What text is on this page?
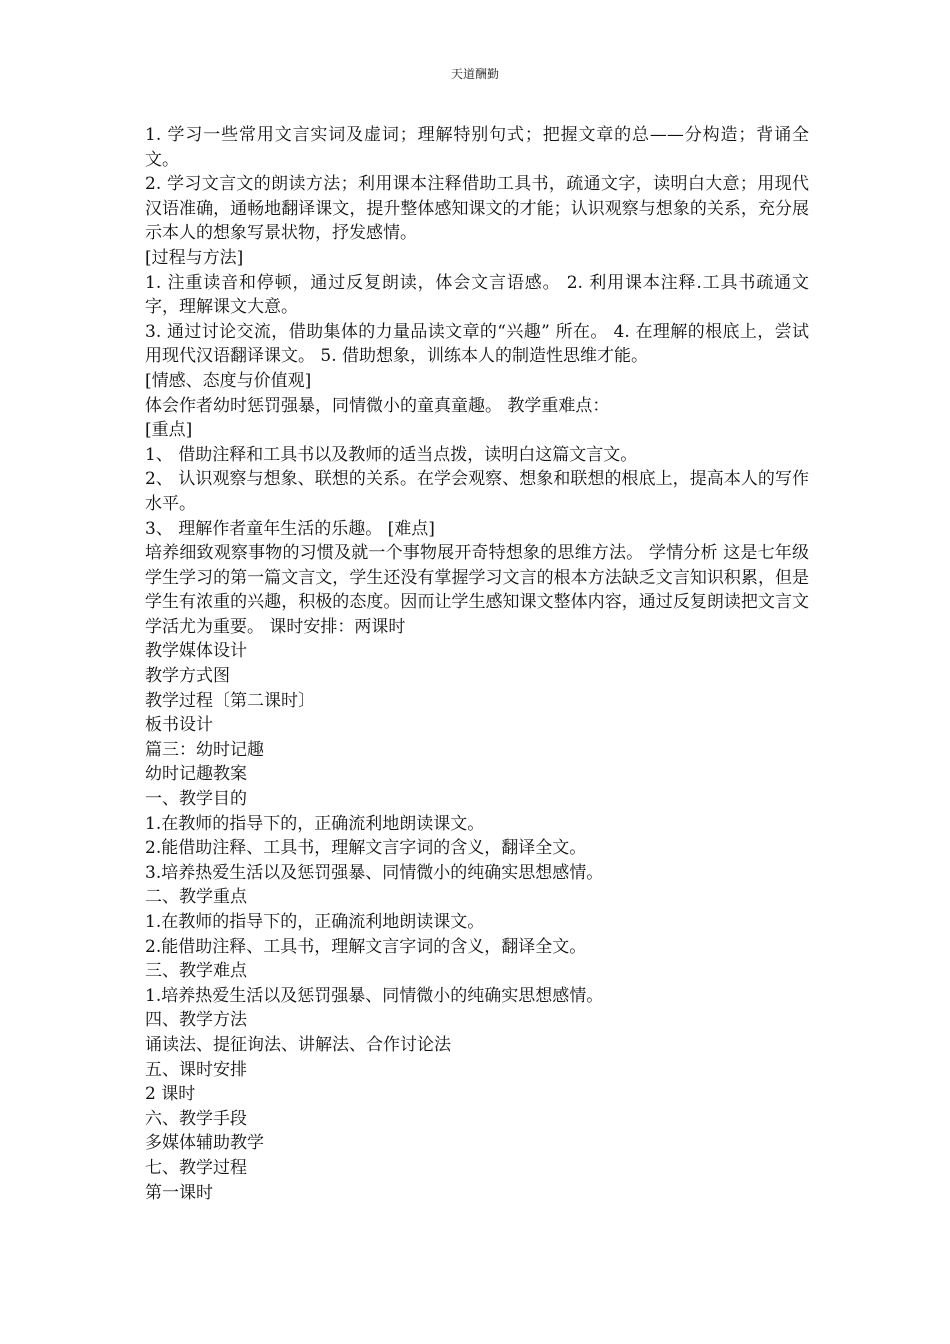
天道酬勤

1. 学习一些常用文言实词及虚词；理解特别句式；把握文章的总——分构造；背诵全文。

2. 学习文言文的朗读方法；利用课本注释借助工具书，疏通文字，读明白大意；用现代汉语准确，通畅地翻译课文，提升整体感知课文的才能；认识观察与想象的关系，充分展示本人的想象写景状物，抒发感情。

[过程与方法]

1. 注重读音和停顿，通过反复朗读，体会文言语感。 2. 利用课本注释.工具书疏通文字，理解课文大意。

3. 通过讨论交流，借助集体的力量品读文章的“兴趣” 所在。 4. 在理解的根底上，尝试用现代汉语翻译课文。 5. 借助想象，训练本人的制造性思维才能。

[情感、态度与价值观]

体会作者幼时惩罚强暴，同情微小的童真童趣。 教学重难点：

[重点]

1、 借助注释和工具书以及教师的适当点拨，读明白这篇文言文。

2、 认识观察与想象、联想的关系。在学会观察、想象和联想的根底上，提高本人的写作水平。

3、 理解作者童年生活的乐趣。 [难点]

培养细致观察事物的习惯及就一个事物展开奇特想象的思维方法。 学情分析 这是七年级学生学习的第一篇文言文，学生还没有掌握学习文言的根本方法缺乏文言知识积累，但是学生有浓重的兴趣，积极的态度。因而让学生感知课文整体内容，通过反复朗读把文言文学活尤为重要。 课时安排：两课时

教学媒体设计

教学方式图

教学过程〔第二课时〕

板书设计

篇三：幼时记趣

幼时记趣教案

一、教学目的

1.在教师的指导下的，正确流利地朗读课文。

2.能借助注释、工具书，理解文言字词的含义，翻译全文。

3.培养热爱生活以及惩罚强暴、同情微小的纯确实思想感情。

二、教学重点

1.在教师的指导下的，正确流利地朗读课文。

2.能借助注释、工具书，理解文言字词的含义，翻译全文。

三、教学难点

1.培养热爱生活以及惩罚强暴、同情微小的纯确实思想感情。

四、教学方法

诵读法、提征询法、讲解法、合作讨论法

五、课时安排

2 课时

六、教学手段

多媒体辅助教学

七、教学过程

第一课时
